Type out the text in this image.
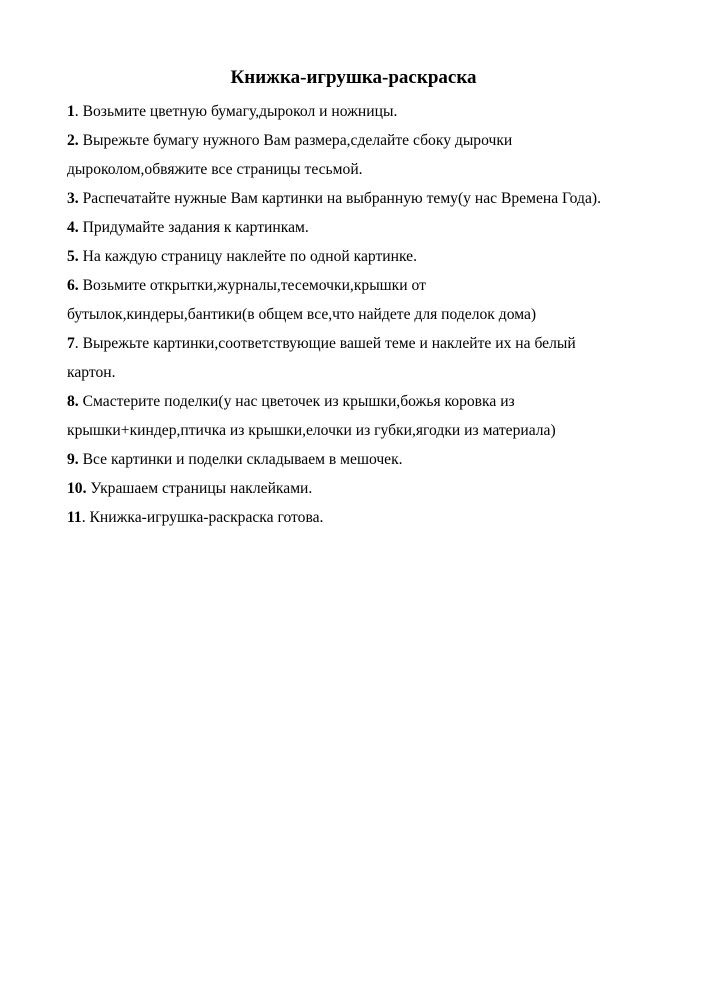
Книжка-игрушка-раскраска
1. Возьмите цветную бумагу,дырокол и ножницы.
2. Вырежьте бумагу нужного Вам размера,сделайте сбоку дырочки
дыроколом,обвяжите все страницы тесьмой.
3. Распечатайте нужные Вам картинки на выбранную тему(у нас Времена Года).
4. Придумайте задания к картинкам.
5. На каждую страницу наклейте по одной картинке.
6. Возьмите открытки,журналы,тесемочки,крышки от
бутылок,киндеры,бантики(в общем все,что найдете для поделок дома)
7. Вырежьте картинки,соответствующие вашей теме и наклейте их на белый
картон.
8. Смастерите поделки(у нас цветочек из крышки,божья коровка из
крышки+киндер,птичка из крышки,елочки из губки,ягодки из материала)
9. Все картинки и поделки складываем в мешочек.
10. Украшаем страницы наклейками.
11. Книжка-игрушка-раскраска готова.
